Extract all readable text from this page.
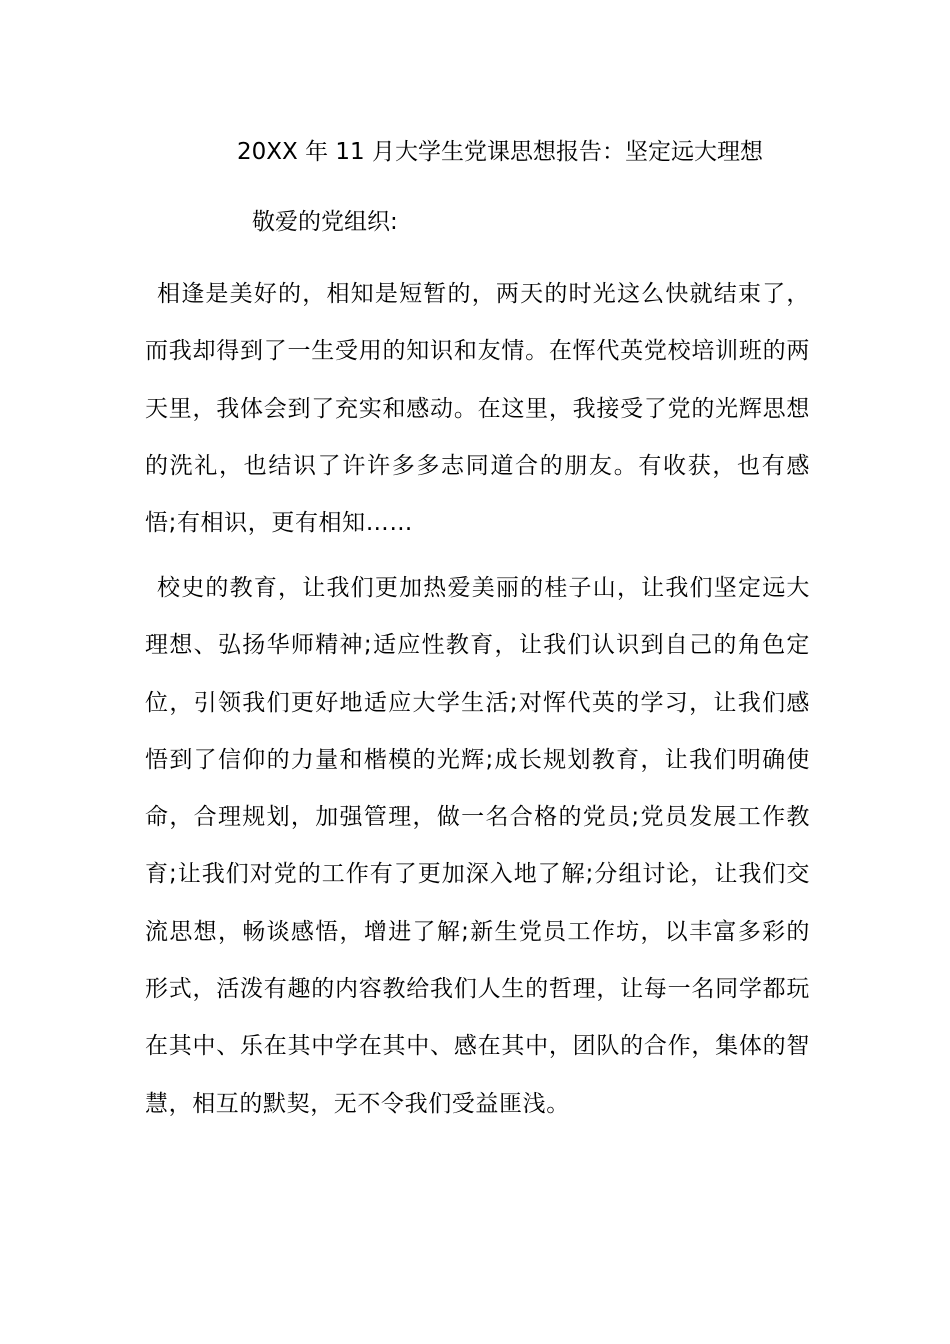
20XX 年 11 月大学生党课思想报告：坚定远大理想
敬爱的党组织:

相逢是美好的，相知是短暂的，两天的时光这么快就结束了，而我却得到了一生受用的知识和友情。在恽代英党校培训班的两天里，我体会到了充实和感动。在这里，我接受了党的光辉思想的洗礼，也结识了许许多多志同道合的朋友。有收获，也有感悟;有相识，更有相知……

校史的教育，让我们更加热爱美丽的桂子山，让我们坚定远大理想、弘扬华师精神;适应性教育，让我们认识到自己的角色定位，引领我们更好地适应大学生活;对恽代英的学习，让我们感悟到了信仰的力量和楷模的光辉;成长规划教育，让我们明确使命，合理规划，加强管理，做一名合格的党员;党员发展工作教育;让我们对党的工作有了更加深入地了解;分组讨论，让我们交流思想，畅谈感悟，增进了解;新生党员工作坊，以丰富多彩的形式，活泼有趣的内容教给我们人生的哲理，让每一名同学都玩在其中、乐在其中学在其中、感在其中，团队的合作，集体的智慧，相互的默契，无不令我们受益匪浅。
